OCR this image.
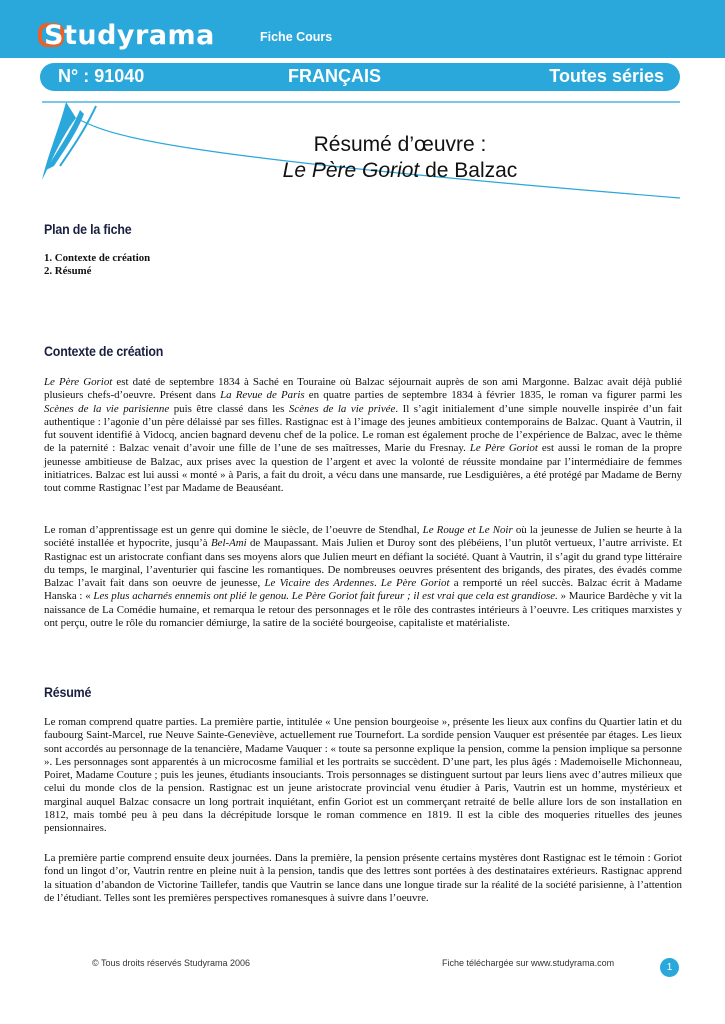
Studyrama	Fiche Cours
N° : 91040	FRANÇAIS	Toutes séries
Résumé d’œuvre :
Le Père Goriot de Balzac
Plan de la fiche
1. Contexte de création
2. Résumé
Contexte de création

Le Père Goriot est daté de septembre 1834 à Saché en Touraine où Balzac séjournait auprès de son ami Margonne. Balzac avait déjà publié plusieurs chefs-d’oeuvre. Présent dans La Revue de Paris en quatre parties de septembre 1834 à février 1835, le roman va figurer parmi les Scènes de la vie parisienne puis être classé dans les Scènes de la vie privée. Il s’agit initialement d’une simple nouvelle inspirée d’un fait authentique : l’agonie d’un père délaissé par ses filles. Rastignac est à l’image des jeunes ambitieux contemporains de Balzac. Quant à Vautrin, il fut souvent identifié à Vidocq, ancien bagnard devenu chef de la police. Le roman est également proche de l’expérience de Balzac, avec le thème de la paternité : Balzac venait d’avoir une fille de l’une de ses maîtresses, Marie du Fresnay. Le Père Goriot est aussi le roman de la propre jeunesse ambitieuse de Balzac, aux prises avec la question de l’argent et avec la volonté de réussite mondaine par l’intermédiaire de femmes initiatrices. Balzac est lui aussi « monté » à Paris, a fait du droit, a vécu dans une mansarde, rue Lesdiguières, a été protégé par Madame de Berny tout comme Rastignac l’est par Madame de Beauséant.

Le roman d’apprentissage est un genre qui domine le siècle, de l’oeuvre de Stendhal, Le Rouge et Le Noir où la jeunesse de Julien se heurte à la société installée et hypocrite, jusqu’à Bel-Ami de Maupassant. Mais Julien et Duroy sont des plébéiens, l’un plutôt vertueux, l’autre arriviste. Et Rastignac est un aristocrate confiant dans ses moyens alors que Julien meurt en défiant la société. Quant à Vautrin, il s’agit du grand type littéraire du temps, le marginal, l’aventurier qui fascine les romantiques. De nombreuses oeuvres présentent des brigands, des pirates, des évadés comme Balzac l’avait fait dans son oeuvre de jeunesse, Le Vicaire des Ardennes. Le Père Goriot a remporté un réel succès. Balzac écrit à Madame Hanska : « Les plus acharnés ennemis ont plié le genou. Le Père Goriot fait fureur ; il est vrai que cela est grandiose. » Maurice Bardèche y vit la naissance de La Comédie humaine, et remarqua le retour des personnages et le rôle des contrastes intérieurs à l’oeuvre. Les critiques marxistes y ont perçu, outre le rôle du romancier démiurge, la satire de la société bourgeoise, capitaliste et matérialiste.

Résumé

Le roman comprend quatre parties. La première partie, intitulée « Une pension bourgeoise », présente les lieux aux confins du Quartier latin et du faubourg Saint-Marcel, rue Neuve Sainte-Geneviève, actuellement rue Tournefort. La sordide pension Vauquer est présentée par étages. Les lieux sont accordés au personnage de la tenancière, Madame Vauquer : « toute sa personne explique la pension, comme la pension implique sa personne ». Les personnages sont apparentés à un microcosme familial et les portraits se succèdent. D’une part, les plus âgés : Mademoiselle Michonneau, Poiret, Madame Couture ; puis les jeunes, étudiants insouciants. Trois personnages se distinguent surtout par leurs liens avec d’autres milieux que celui du monde clos de la pension. Rastignac est un jeune aristocrate provincial venu étudier à Paris, Vautrin est un homme, mystérieux et marginal auquel Balzac consacre un long portrait inquiétant, enfin Goriot est un commerçant retraité de belle allure lors de son installation en 1812, mais tombé peu à peu dans la décrépitude lorsque le roman commence en 1819. Il est la cible des moqueries rituelles des jeunes pensionnaires.

La première partie comprend ensuite deux journées. Dans la première, la pension présente certains mystères dont Rastignac est le témoin : Goriot fond un lingot d’or, Vautrin rentre en pleine nuit à la pension, tandis que des lettres sont portées à des destinataires extérieurs. Rastignac apprend la situation d’abandon de Victorine Taillefer, tandis que Vautrin se lance dans une longue tirade sur la réalité de la société parisienne, à l’attention de l’étudiant. Telles sont les premières perspectives romanesques à suivre dans l’oeuvre.

© Tous droits réservés Studyrama 2006	Fiche téléchargée sur www.studyrama.com	1
